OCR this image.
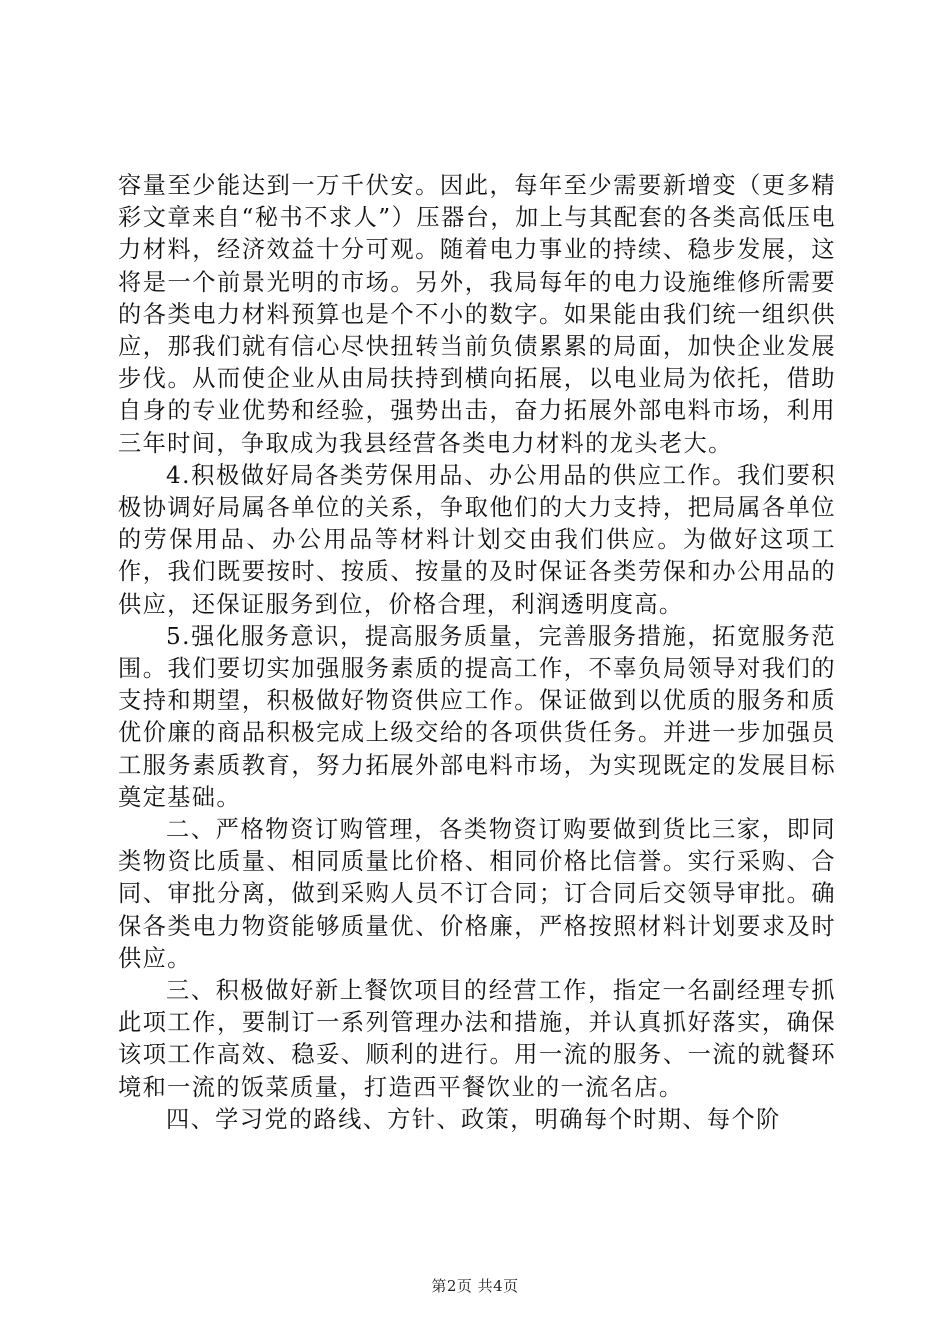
容量至少能达到一万千伏安。因此，每年至少需要新增变（更多精彩文章来自“秘书不求人”）压器台，加上与其配套的各类高低压电力材料，经济效益十分可观。随着电力事业的持续、稳步发展，这将是一个前景光明的市场。另外，我局每年的电力设施维修所需要的各类电力材料预算也是个不小的数字。如果能由我们统一组织供应，那我们就有信心尽快扭转当前负债累累的局面，加快企业发展步伐。从而使企业从由局扶持到横向拓展，以电业局为依托，借助自身的专业优势和经验，强势出击，奋力拓展外部电料市场，利用三年时间，争取成为我县经营各类电力材料的龙头老大。

4.积极做好局各类劳保用品、办公用品的供应工作。我们要积极协调好局属各单位的关系，争取他们的大力支持，把局属各单位的劳保用品、办公用品等材料计划交由我们供应。为做好这项工作，我们既要按时、按质、按量的及时保证各类劳保和办公用品的供应，还保证服务到位，价格合理，利润透明度高。

5.强化服务意识，提高服务质量，完善服务措施，拓宽服务范围。我们要切实加强服务素质的提高工作，不辜负局领导对我们的支持和期望，积极做好物资供应工作。保证做到以优质的服务和质优价廉的商品积极完成上级交给的各项供货任务。并进一步加强员工服务素质教育，努力拓展外部电料市场，为实现既定的发展目标奠定基础。

二、严格物资订购管理，各类物资订购要做到货比三家，即同类物资比质量、相同质量比价格、相同价格比信誉。实行采购、合同、审批分离，做到采购人员不订合同；订合同后交领导审批。确保各类电力物资能够质量优、价格廉，严格按照材料计划要求及时供应。

三、积极做好新上餐饮项目的经营工作，指定一名副经理专抓此项工作，要制订一系列管理办法和措施，并认真抓好落实，确保该项工作高效、稳妥、顺利的进行。用一流的服务、一流的就餐环境和一流的饭菜质量，打造西平餐饮业的一流名店。

四、学习党的路线、方针、政策，明确每个时期、每个阶

第2页 共4页
